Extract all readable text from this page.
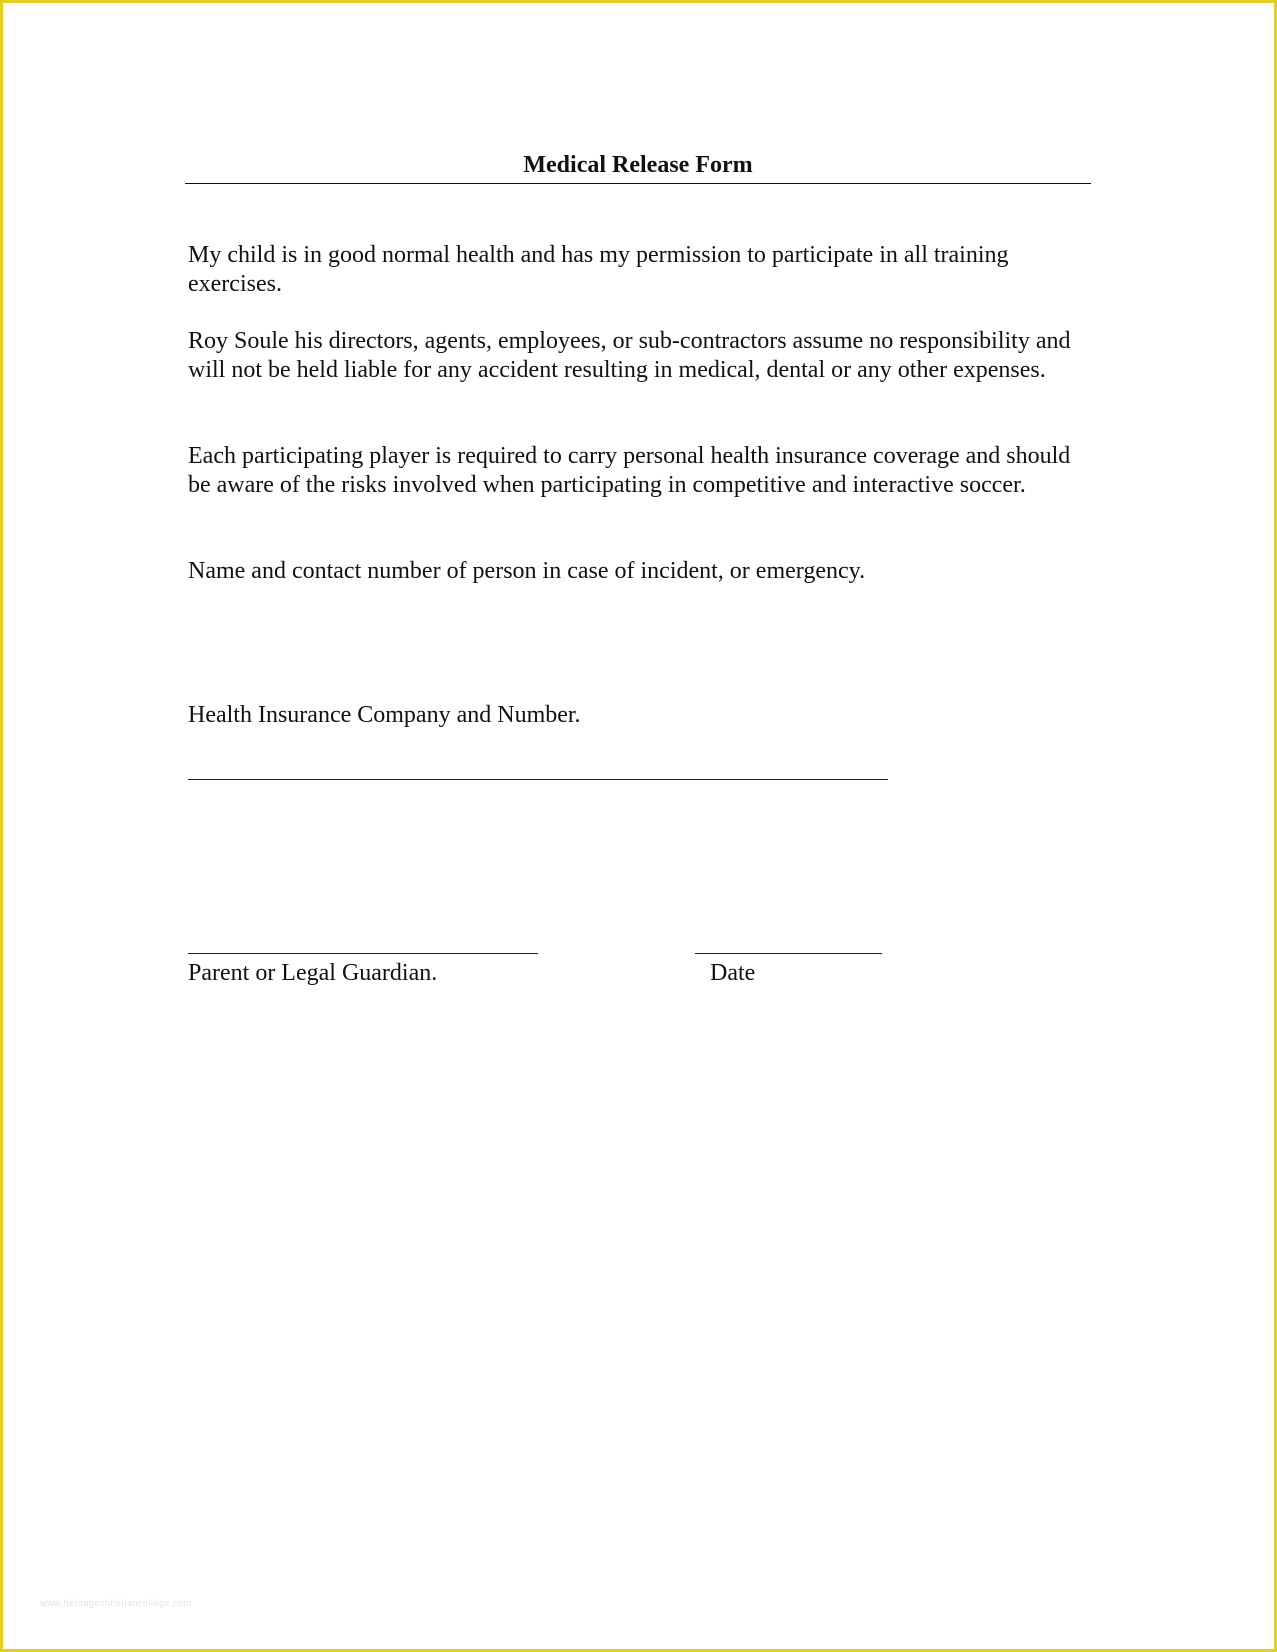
Medical Release Form

My child is in good normal health and has my permission to participate in all training exercises.

Roy Soule his directors, agents, employees, or sub-contractors assume no responsibility and will not be held liable for any accident resulting in medical, dental or any other expenses.

Each participating player is required to carry personal health insurance coverage and should be aware of the risks involved when participating in competitive and interactive soccer.

Name and contact number of person in case of incident, or emergency.

Health Insurance Company and Number.

Parent or Legal Guardian.	Date

www.heritagechristiancollege.com
